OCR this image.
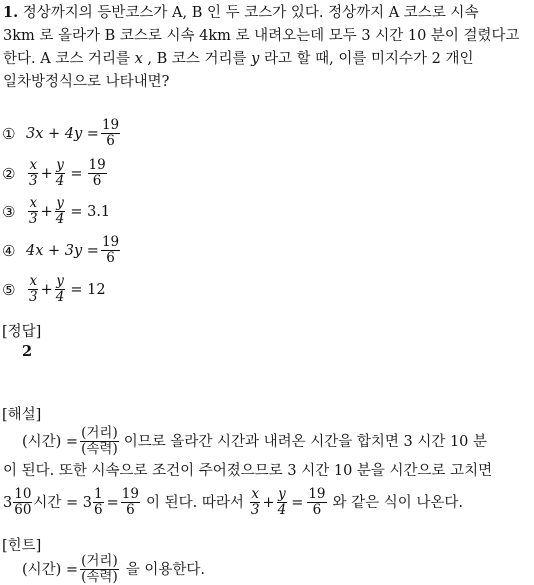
1. 정상까지의 등반코스가 A, B 인 두 코스가 있다. 정상까지 A 코스로 시속
3km 로 올라가 B 코스로 시속 4km 로 내려오는데 모두 3 시간 10 분이 걸렸다고
한다. A 코스 거리를 x , B 코스 거리를 y 라고 할 때, 이를 미지수가 2 개인
일차방정식으로 나타내면?
① $3x + 4y = \frac{19}{6}$
② $\frac{x}{3} + \frac{y}{4} = \frac{19}{6}$
③ $\frac{x}{3} + \frac{y}{4} = 3.1$
④ $4x + 3y = \frac{19}{6}$
⑤ $\frac{x}{3} + \frac{y}{4} = 12$
[정답]
2
[해설]
(시간) = $\frac{\text{(거리)}}{\text{(속력)}}$ 이므로 올라간 시간과 내려온 시간을 합치면 3 시간 10 분
이 된다. 또한 시속으로 조건이 주어졌으므로 3 시간 10 분을 시간으로 고치면
$3 \frac{10}{60}$ 시간 = $3 \frac{1}{6} = \frac{19}{6}$ 이 된다. 따라서 $\frac{x}{3} + \frac{y}{4} = \frac{19}{6}$ 와 같은 식이 나온다.
[힌트]
(시간) = $\frac{\text{(거리)}}{\text{(속력)}}$ 을 이용한다.
